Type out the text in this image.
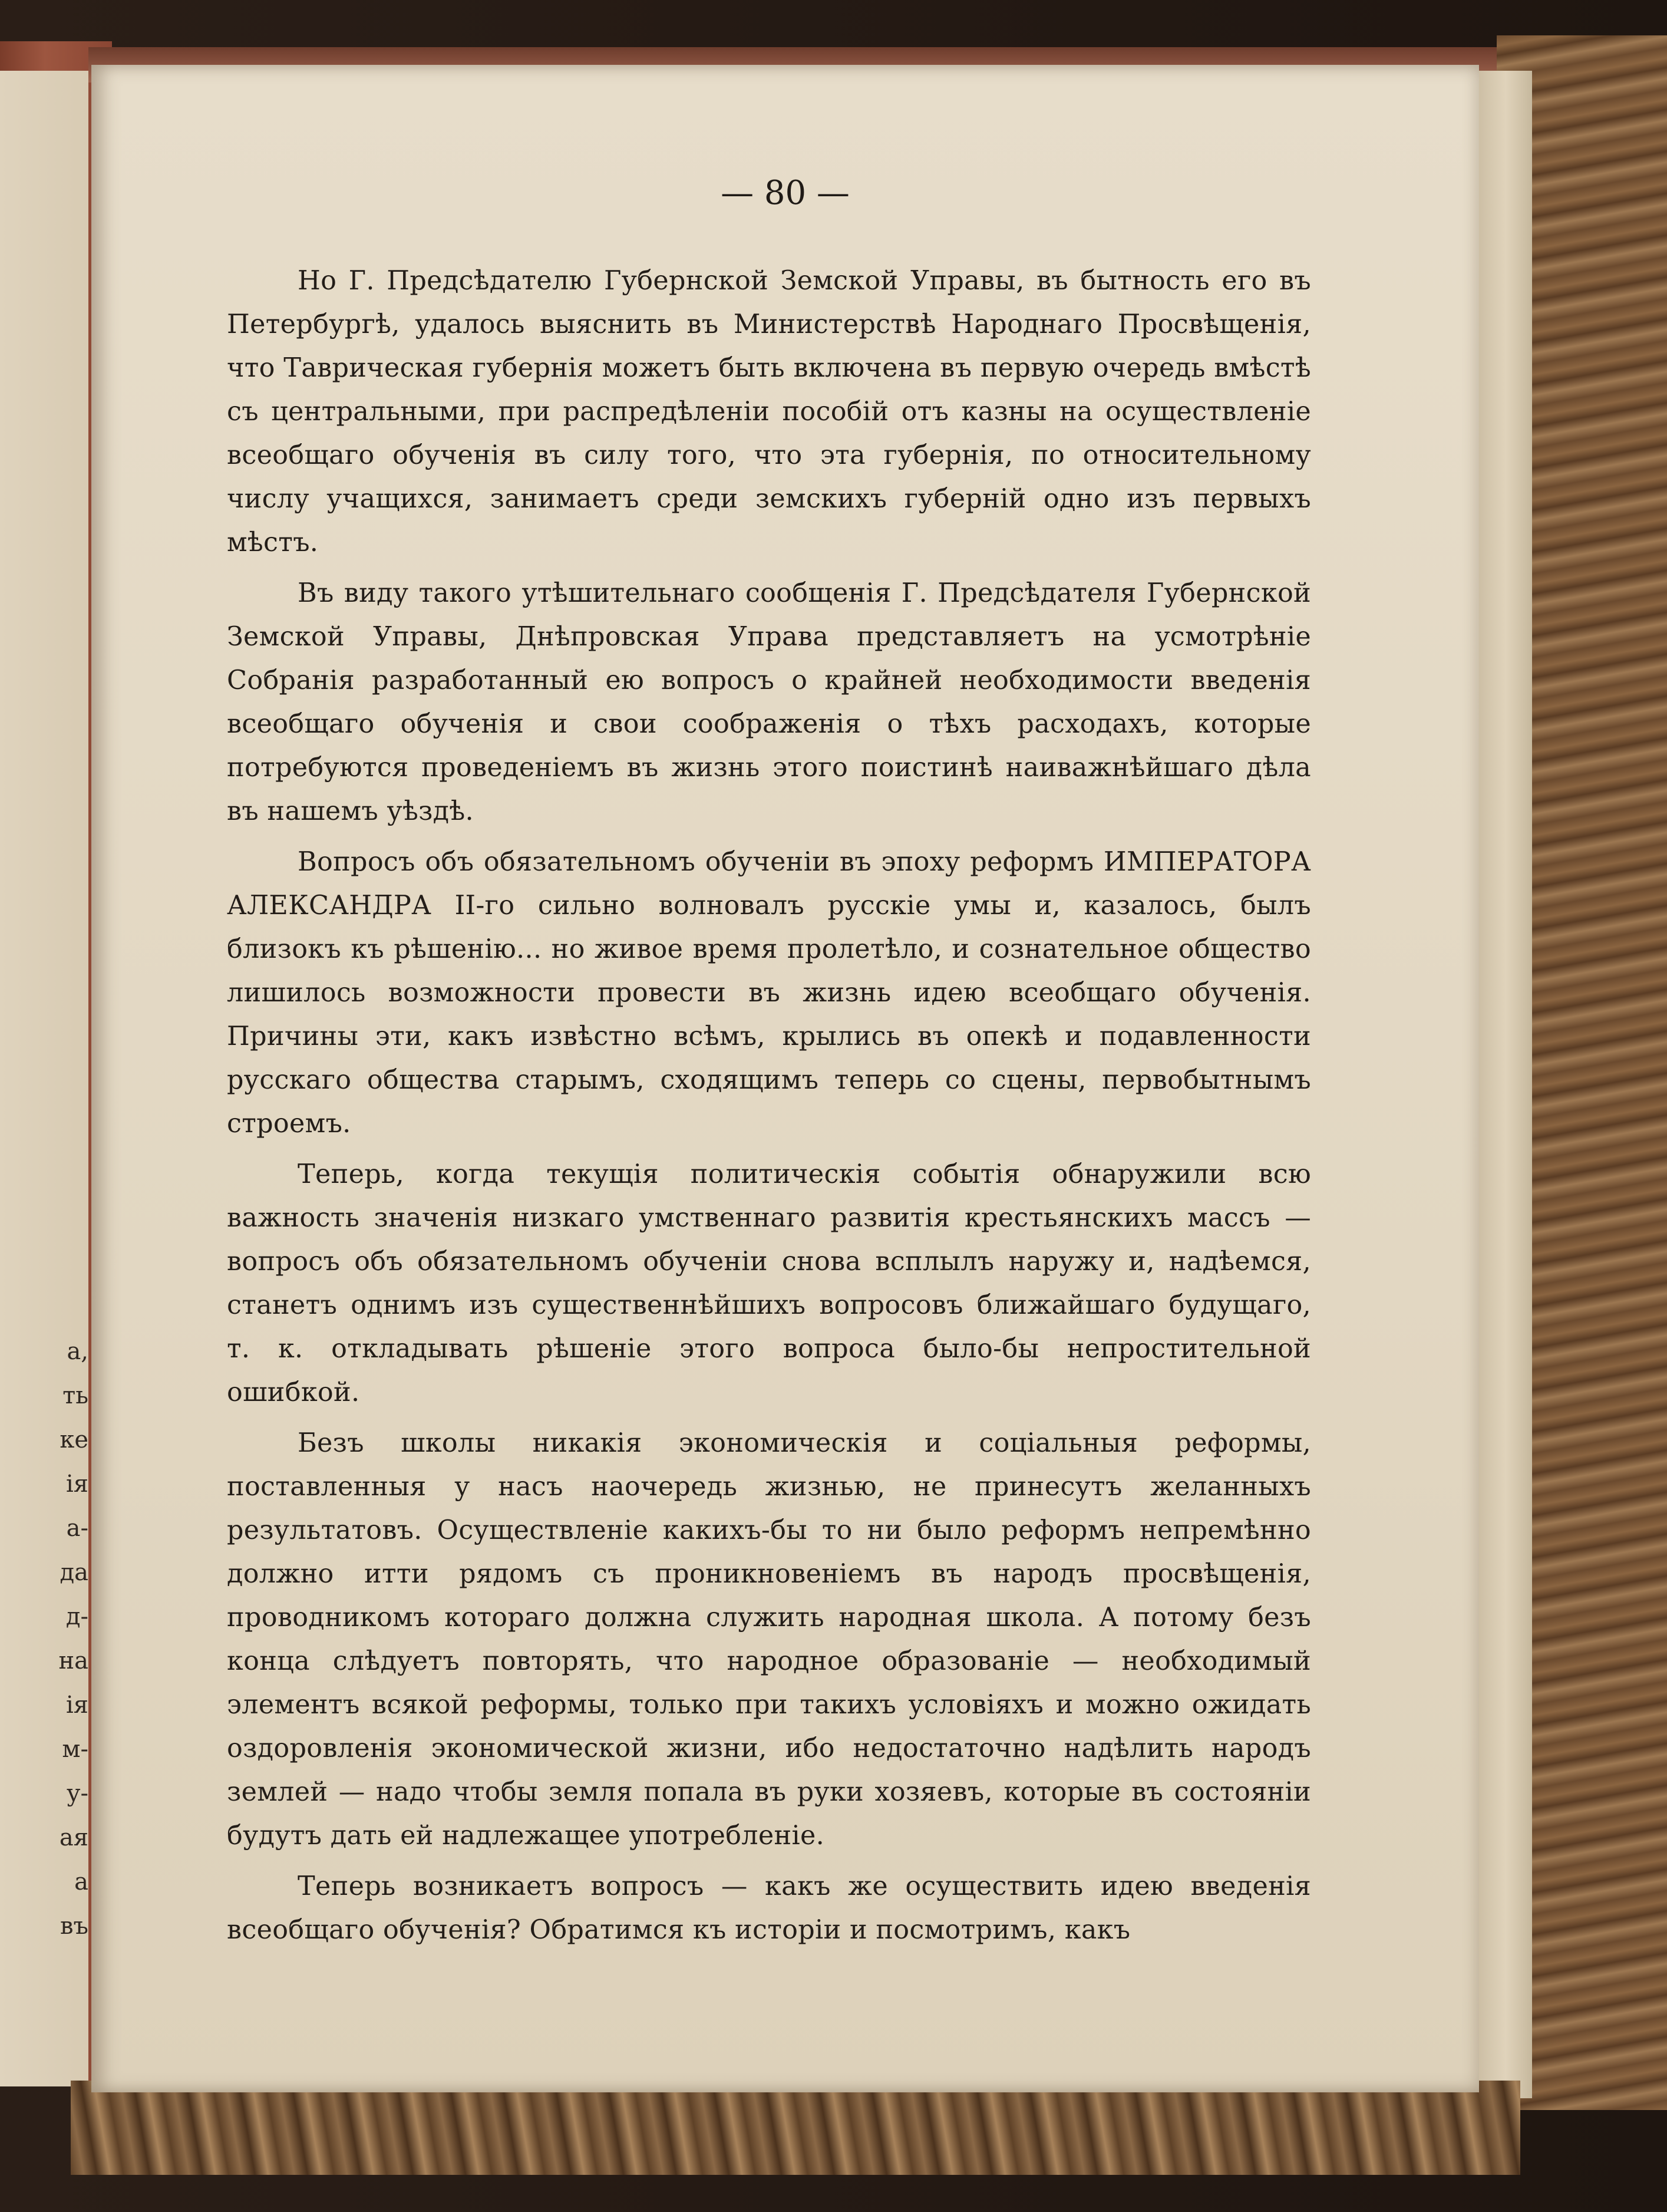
а,
ть
ке
ія
а-
да
д-
на
ія
м-
у-
ая
а
въ
— 80 —

Но Г. Предсѣдателю Губернской Земской Управы, въ бытность его въ Петербургѣ, удалось выяснить въ Министерствѣ Народнаго Просвѣщенія, что Таврическая губернія можетъ быть включена въ первую очередь вмѣстѣ съ центральными, при распредѣленіи пособій отъ казны на осуществленіе всеобщаго обученія въ силу того, что эта губернія, по относительному числу учащихся, занимаетъ среди земскихъ губерній одно изъ первыхъ мѣстъ.

Въ виду такого утѣшительнаго сообщенія Г. Предсѣдателя Губернской Земской Управы, Днѣпровская Управа представляетъ на усмотрѣніе Собранія разработанный ею вопросъ о крайней необходимости введенія всеобщаго обученія и свои соображенія о тѣхъ расходахъ, которые потребуются проведеніемъ въ жизнь этого поистинѣ наиважнѣйшаго дѣла въ нашемъ уѣздѣ.

Вопросъ объ обязательномъ обученіи въ эпоху реформъ ИМПЕРАТОРА АЛЕКСАНДРА II-го сильно волновалъ русскіе умы и, казалось, былъ близокъ къ рѣшенію... но живое время пролетѣло, и сознательное общество лишилось возможности провести въ жизнь идею всеобщаго обученія. Причины эти, какъ извѣстно всѣмъ, крылись въ опекѣ и подавленности русскаго общества старымъ, сходящимъ теперь со сцены, первобытнымъ строемъ.

Теперь, когда текущія политическія событія обнаружили всю важность значенія низкаго умственнаго развитія крестьянскихъ массъ — вопросъ объ обязательномъ обученіи снова всплылъ наружу и, надѣемся, станетъ однимъ изъ существеннѣйшихъ вопросовъ ближайшаго будущаго, т. к. откладывать рѣшеніе этого вопроса было-бы непростительной ошибкой.

Безъ школы никакія экономическія и соціальныя реформы, поставленныя у насъ наочередь жизнью, не принесутъ желанныхъ результатовъ. Осуществленіе какихъ-бы то ни было реформъ непремѣнно должно итти рядомъ съ проникновеніемъ въ народъ просвѣщенія, проводникомъ котораго должна служить народная школа. А потому безъ конца слѣдуетъ повторять, что народное образованіе — необходимый элементъ всякой реформы, только при такихъ условіяхъ и можно ожидать оздоровленія экономической жизни, ибо недостаточно надѣлить народъ землей — надо чтобы земля попала въ руки хозяевъ, которые въ состояніи будутъ дать ей надлежащее употребленіе.

Теперь возникаетъ вопросъ — какъ же осуществить идею введенія всеобщаго обученія? Обратимся къ исторіи и посмотримъ, какъ
